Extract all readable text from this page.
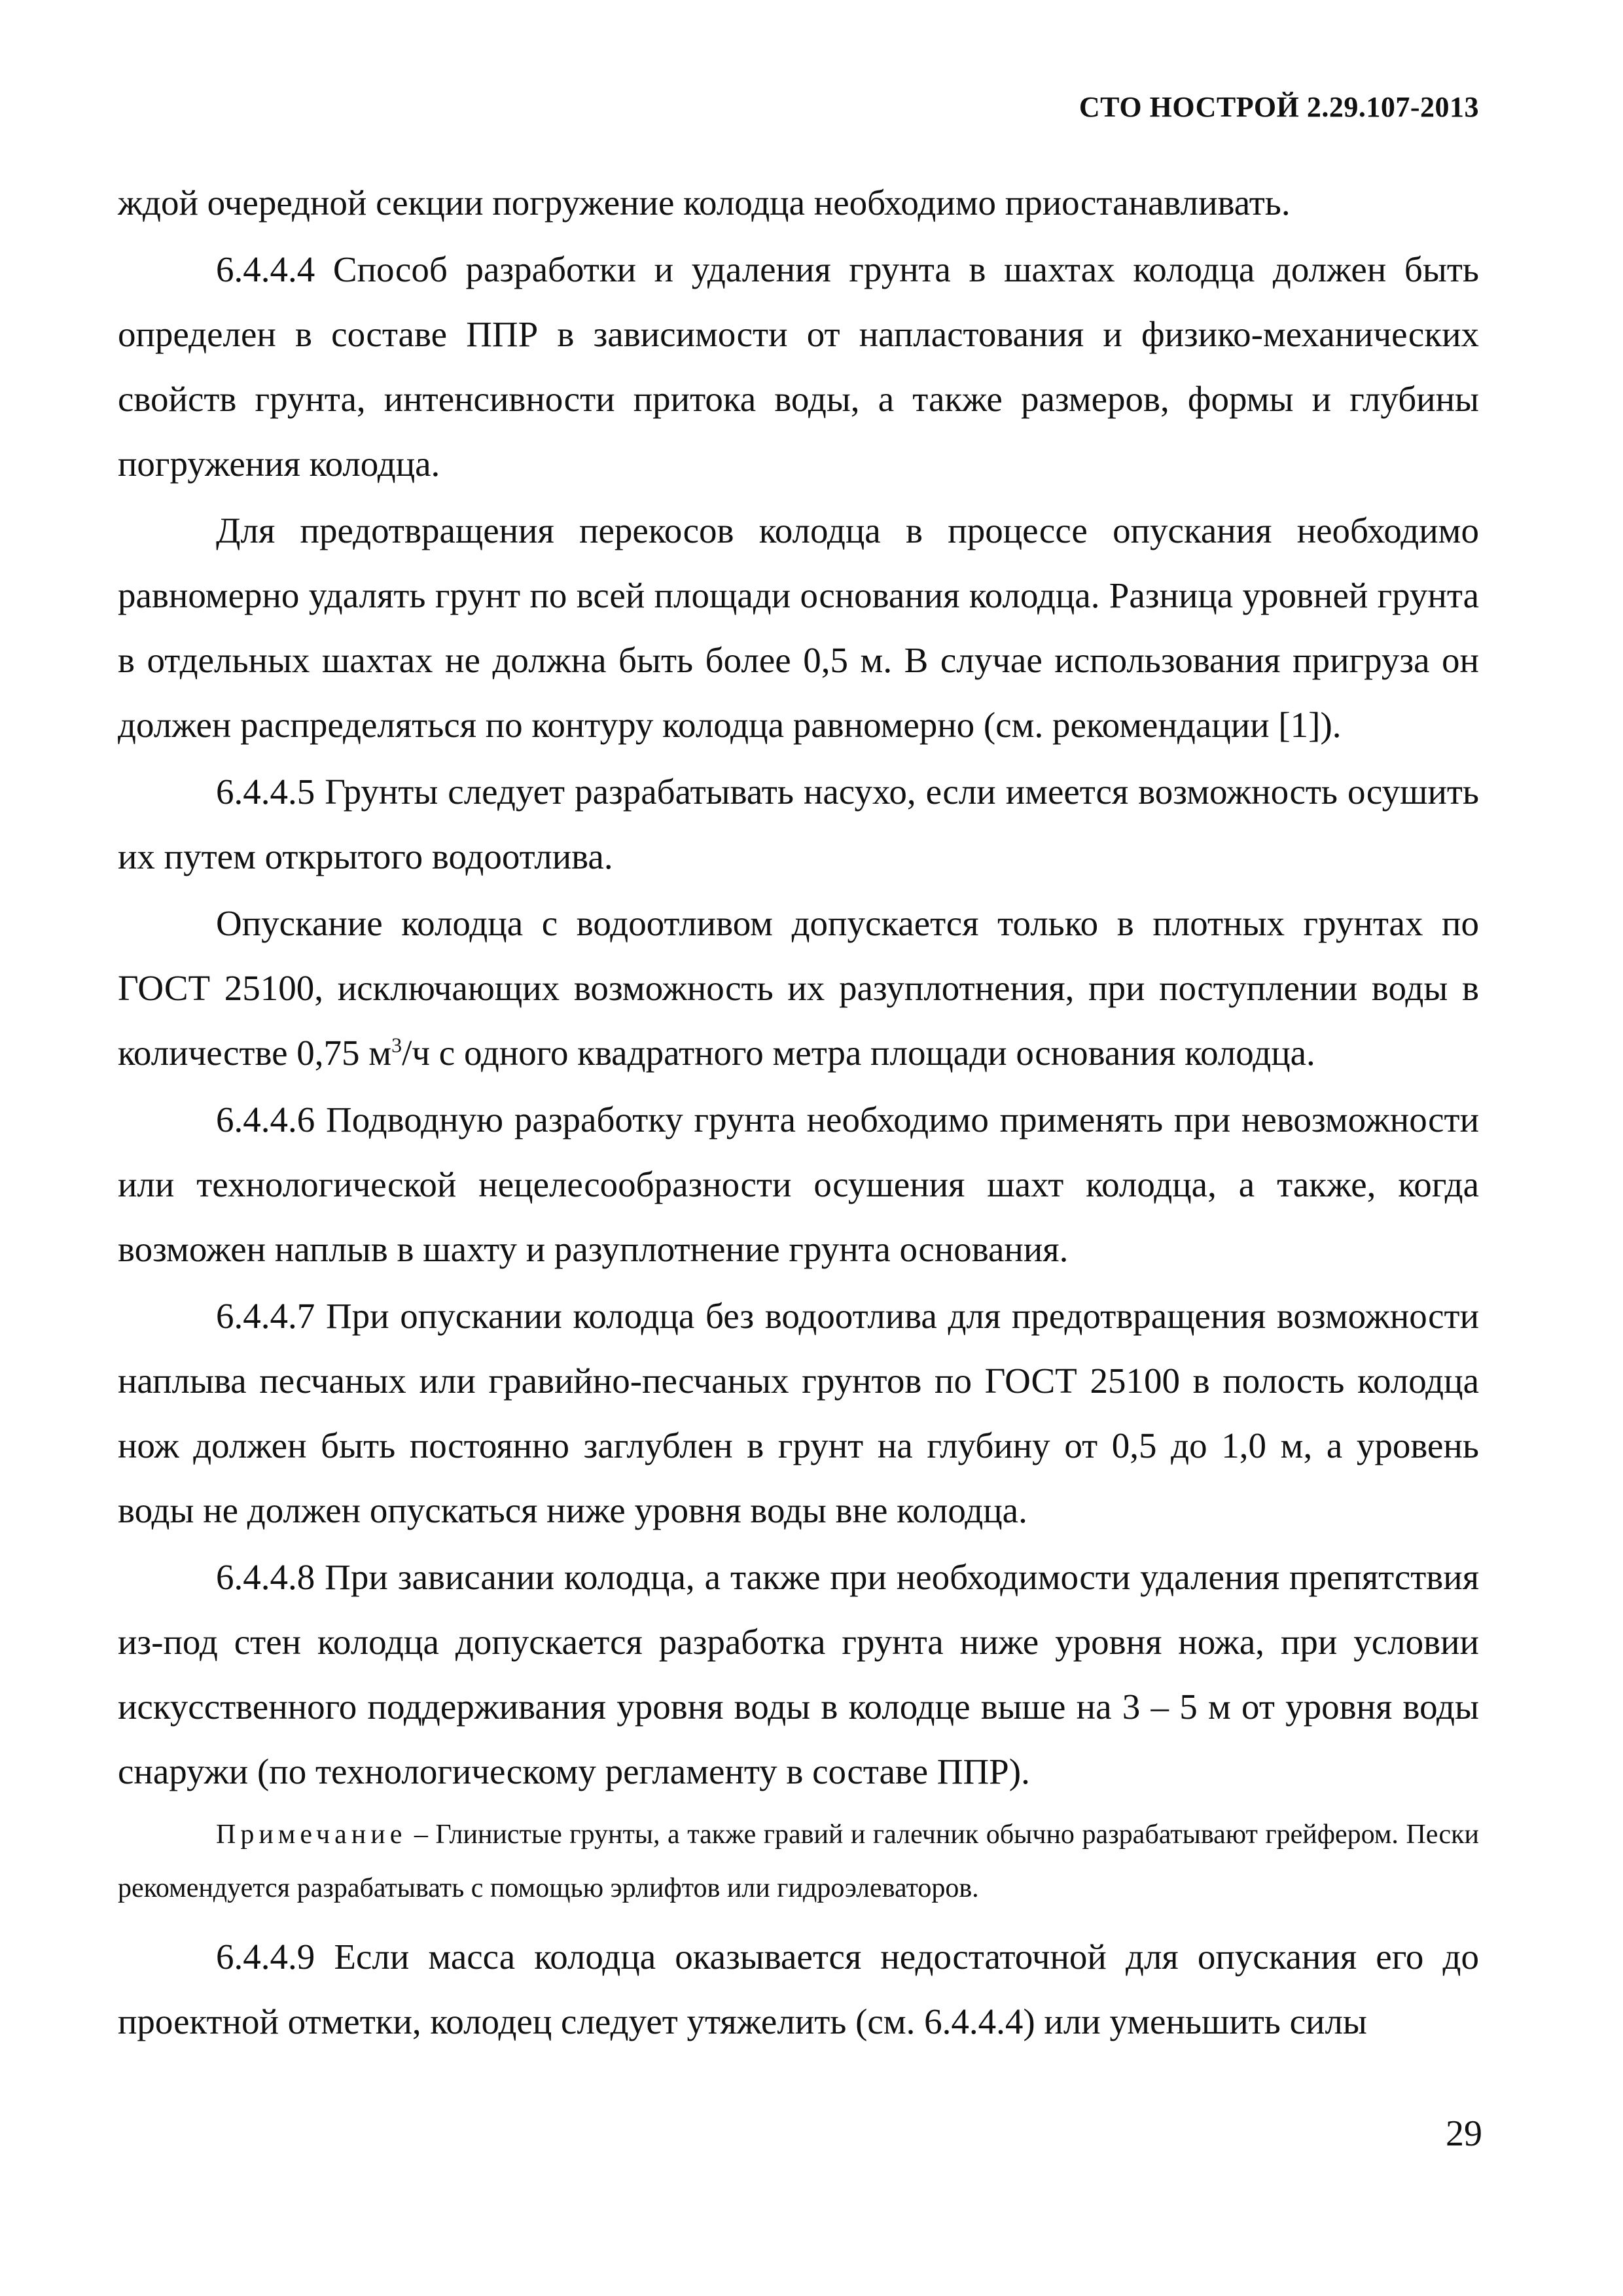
СТО НОСТРОЙ 2.29.107-2013

ждой очередной секции погружение колодца необходимо приостанавливать.

6.4.4.4 Способ разработки и удаления грунта в шахтах колодца должен быть определен в составе ППР в зависимости от напластования и физико-механических свойств грунта, интенсивности притока воды, а также размеров, формы и глубины погружения колодца.

Для предотвращения перекосов колодца в процессе опускания необходимо равномерно удалять грунт по всей площади основания колодца. Разница уровней грунта в отдельных шахтах не должна быть более 0,5 м. В случае использования пригруза он должен распределяться по контуру колодца равномерно (см. рекомендации [1]).

6.4.4.5 Грунты следует разрабатывать насухо, если имеется возможность осушить их путем открытого водоотлива.

Опускание колодца с водоотливом допускается только в плотных грунтах по ГОСТ 25100, исключающих возможность их разуплотнения, при поступлении воды в количестве 0,75 $м^3/ч$ с одного квадратного метра площади основания колодца.

6.4.4.6 Подводную разработку грунта необходимо применять при невозможности или технологической нецелесообразности осушения шахт колодца, а также, когда возможен наплыв в шахту и разуплотнение грунта основания.

6.4.4.7 При опускании колодца без водоотлива для предотвращения возможности наплыва песчаных или гравийно-песчаных грунтов по ГОСТ 25100 в полость колодца нож должен быть постоянно заглублен в грунт на глубину от 0,5 до 1,0 м, а уровень воды не должен опускаться ниже уровня воды вне колодца.

6.4.4.8 При зависании колодца, а также при необходимости удаления препятствия из-под стен колодца допускается разработка грунта ниже уровня ножа, при условии искусственного поддерживания уровня воды в колодце выше на 3 – 5 м от уровня воды снаружи (по технологическому регламенту в составе ППР).

Примечание – Глинистые грунты, а также гравий и галечник обычно разрабатывают грейфером. Пески рекомендуется разрабатывать с помощью эрлифтов или гидроэлеваторов.

6.4.4.9 Если масса колодца оказывается недостаточной для опускания его до проектной отметки, колодец следует утяжелить (см. 6.4.4.4) или уменьшить силы

29
